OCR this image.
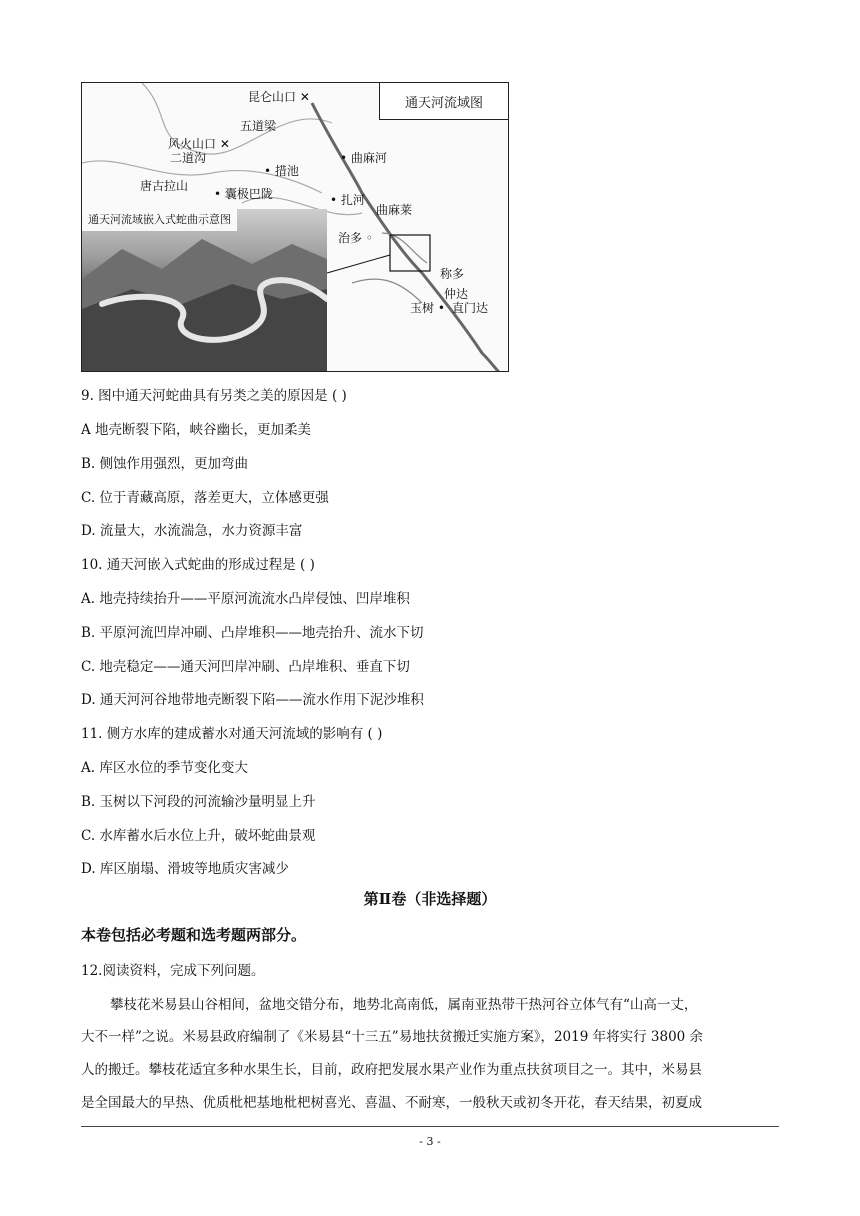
通天河流域图
昆仑山口 ✕
五道梁
风火山口 ✕
二道沟	• 曲麻河
唐古拉山
• 措池
• 囊极巴陇	• 扎河
曲麻莱
治多 ◦
称多
仲达
玉树 • 直门达
通天河流域嵌入式蛇曲示意图
9. 图中通天河蛇曲具有另类之美的原因是 ( )
A 地壳断裂下陷，峡谷幽长，更加柔美
B. 侧蚀作用强烈，更加弯曲
C. 位于青藏高原，落差更大，立体感更强
D. 流量大，水流湍急，水力资源丰富
10. 通天河嵌入式蛇曲的形成过程是 ( )
A. 地壳持续抬升——平原河流流水凸岸侵蚀、凹岸堆积
B. 平原河流凹岸冲刷、凸岸堆积——地壳抬升、流水下切
C. 地壳稳定——通天河凹岸冲刷、凸岸堆积、垂直下切
D. 通天河河谷地带地壳断裂下陷——流水作用下泥沙堆积
11. 侧方水库的建成蓄水对通天河流域的影响有 ( )
A. 库区水位的季节变化变大
B. 玉树以下河段的河流输沙量明显上升
C. 水库蓄水后水位上升，破坏蛇曲景观
D. 库区崩塌、滑坡等地质灾害减少
第Ⅱ卷（非选择题）
本卷包括必考题和选考题两部分。
12.阅读资料，完成下列问题。
攀枝花米易县山谷相间，盆地交错分布，地势北高南低，属南亚热带干热河谷立体气有“山高一丈，
大不一样”之说。米易县政府编制了《米易县“十三五”易地扶贫搬迁实施方案》，2019 年将实行 3800 余
人的搬迁。攀枝花适宜多种水果生长，目前，政府把发展水果产业作为重点扶贫项目之一。其中，米易县
是全国最大的早热、优质枇杷基地枇杷树喜光、喜温、不耐寒，一般秋天或初冬开花，春天结果，初夏成
- 3 -
